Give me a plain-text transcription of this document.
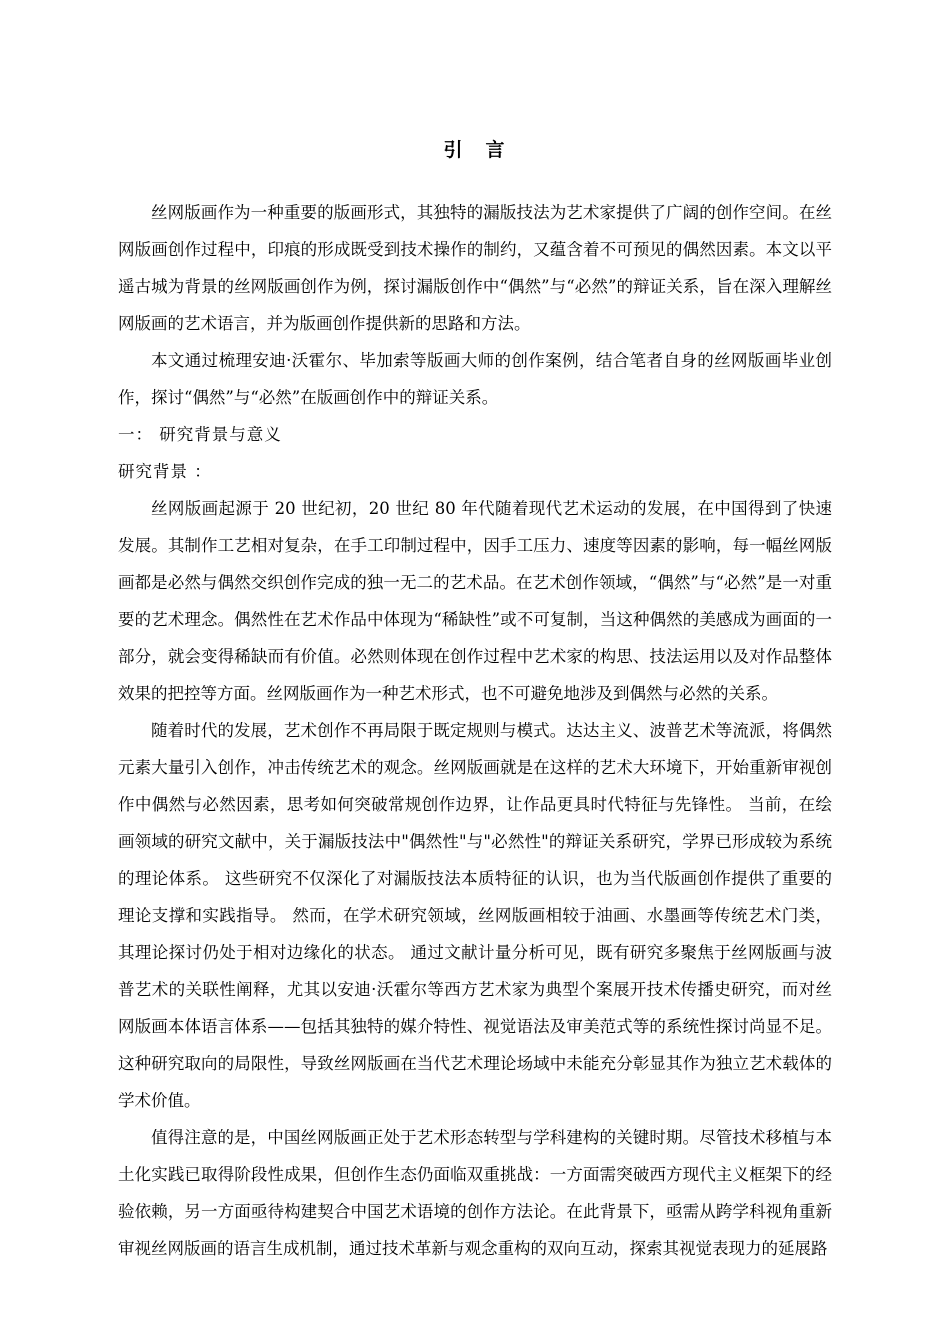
引　言

丝网版画作为一种重要的版画形式，其独特的漏版技法为艺术家提供了广阔的创作空间。在丝网版画创作过程中，印痕的形成既受到技术操作的制约，又蕴含着不可预见的偶然因素。本文以平遥古城为背景的丝网版画创作为例，探讨漏版创作中“偶然”与“必然”的辩证关系，旨在深入理解丝网版画的艺术语言，并为版画创作提供新的思路和方法。

本文通过梳理安迪·沃霍尔、毕加索等版画大师的创作案例，结合笔者自身的丝网版画毕业创作，探讨“偶然”与“必然”在版画创作中的辩证关系。

一： 研究背景与意义
研究背景 ：

丝网版画起源于 20 世纪初，20 世纪 80 年代随着现代艺术运动的发展，在中国得到了快速发展。其制作工艺相对复杂，在手工印制过程中，因手工压力、速度等因素的影响，每一幅丝网版画都是必然与偶然交织创作完成的独一无二的艺术品。在艺术创作领域，“偶然”与“必然”是一对重要的艺术理念。偶然性在艺术作品中体现为“稀缺性”或不可复制，当这种偶然的美感成为画面的一部分，就会变得稀缺而有价值。必然则体现在创作过程中艺术家的构思、技法运用以及对作品整体效果的把控等方面。丝网版画作为一种艺术形式，也不可避免地涉及到偶然与必然的关系。

随着时代的发展，艺术创作不再局限于既定规则与模式。达达主义、波普艺术等流派，将偶然元素大量引入创作，冲击传统艺术的观念。丝网版画就是在这样的艺术大环境下，开始重新审视创作中偶然与必然因素，思考如何突破常规创作边界，让作品更具时代特征与先锋性。 当前，在绘画领域的研究文献中，关于漏版技法中"偶然性"与"必然性"的辩证关系研究，学界已形成较为系统的理论体系。 这些研究不仅深化了对漏版技法本质特征的认识，也为当代版画创作提供了重要的理论支撑和实践指导。 然而，在学术研究领域，丝网版画相较于油画、水墨画等传统艺术门类，其理论探讨仍处于相对边缘化的状态。 通过文献计量分析可见，既有研究多聚焦于丝网版画与波普艺术的关联性阐释，尤其以安迪·沃霍尔等西方艺术家为典型个案展开技术传播史研究，而对丝网版画本体语言体系——包括其独特的媒介特性、视觉语法及审美范式等的系统性探讨尚显不足。 这种研究取向的局限性，导致丝网版画在当代艺术理论场域中未能充分彰显其作为独立艺术载体的学术价值。

值得注意的是，中国丝网版画正处于艺术形态转型与学科建构的关键时期。尽管技术移植与本土化实践已取得阶段性成果，但创作生态仍面临双重挑战：一方面需突破西方现代主义框架下的经验依赖，另一方面亟待构建契合中国艺术语境的创作方法论。在此背景下，亟需从跨学科视角重新审视丝网版画的语言生成机制，通过技术革新与观念重构的双向互动，探索其视觉表现力的延展路
